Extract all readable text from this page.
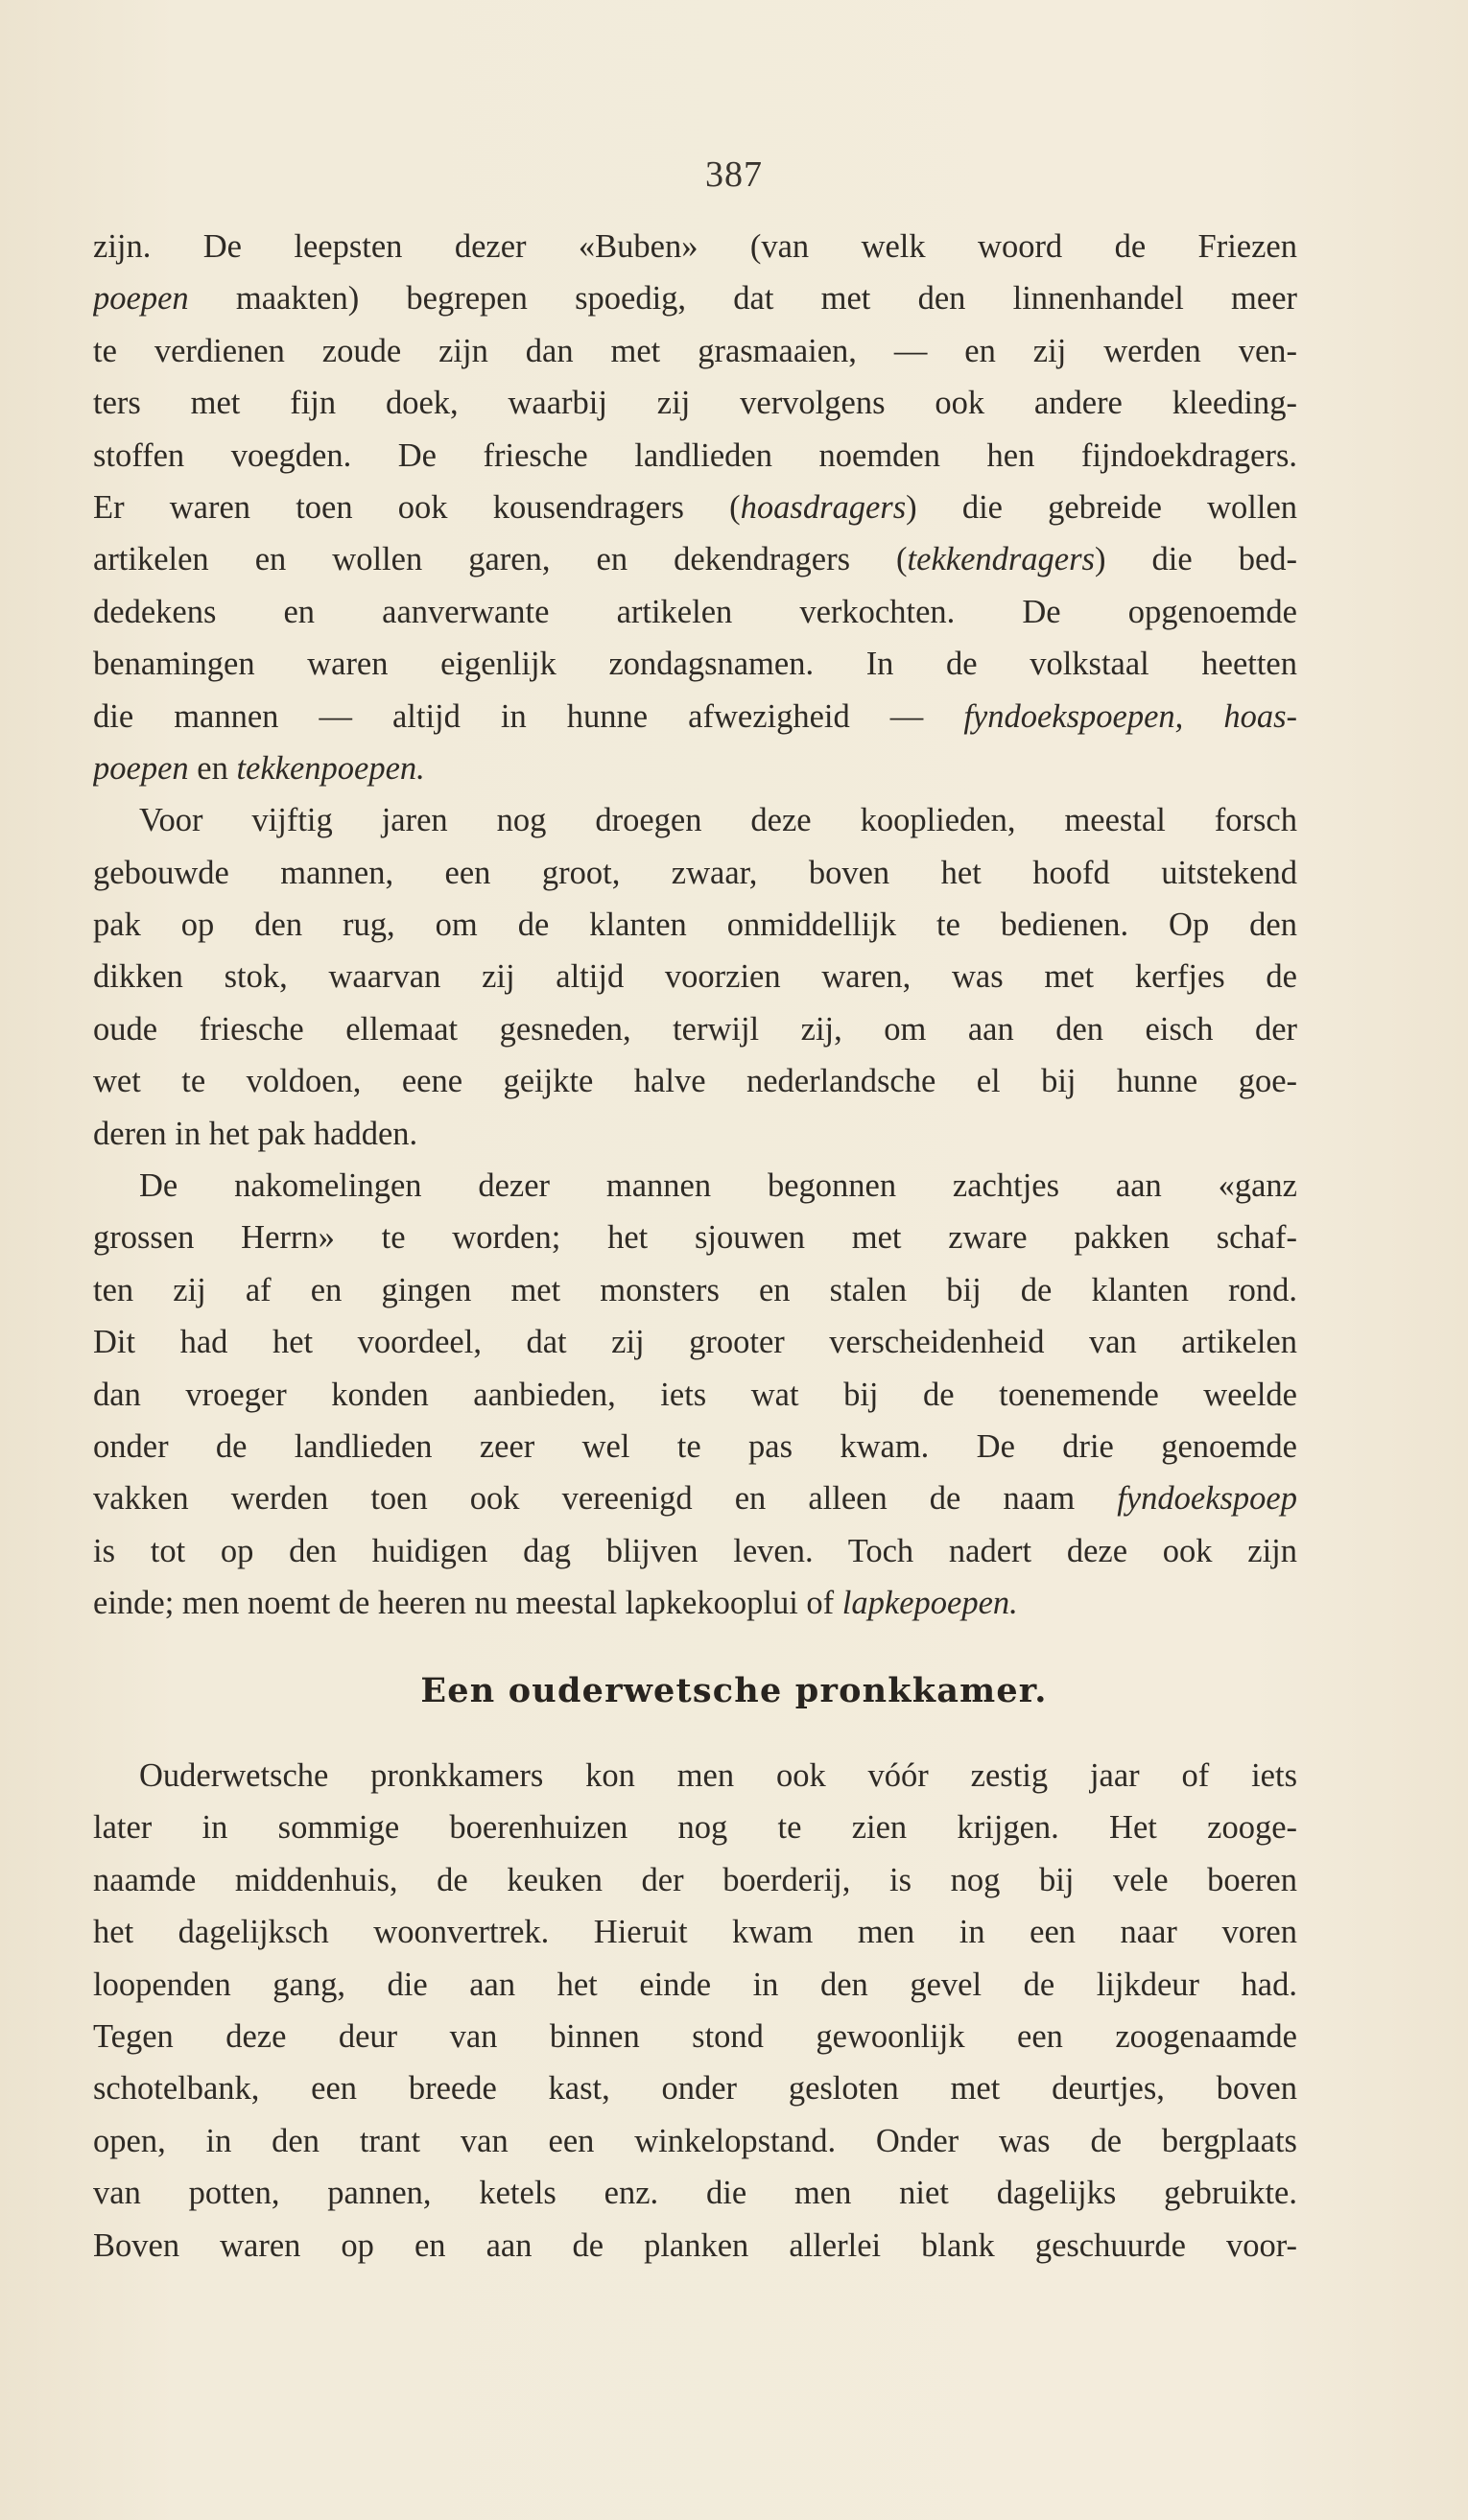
387
zijn. De leepsten dezer «Buben» (van welk woord de Friezen
poepen maakten) begrepen spoedig, dat met den linnenhandel meer
te verdienen zoude zijn dan met grasmaaien, — en zij werden ven-
ters met fijn doek, waarbij zij vervolgens ook andere kleeding-
stoffen voegden. De friesche landlieden noemden hen fijndoekdragers.
Er waren toen ook kousendragers (hoasdragers) die gebreide wollen
artikelen en wollen garen, en dekendragers (tekkendragers) die bed-
dedekens en aanverwante artikelen verkochten. De opgenoemde
benamingen waren eigenlijk zondagsnamen. In de volkstaal heetten
die mannen — altijd in hunne afwezigheid — fyndoekspoepen, hoas-
poepen en tekkenpoepen.
Voor vijftig jaren nog droegen deze kooplieden, meestal forsch
gebouwde mannen, een groot, zwaar, boven het hoofd uitstekend
pak op den rug, om de klanten onmiddellijk te bedienen. Op den
dikken stok, waarvan zij altijd voorzien waren, was met kerfjes de
oude friesche ellemaat gesneden, terwijl zij, om aan den eisch der
wet te voldoen, eene geijkte halve nederlandsche el bij hunne goe-
deren in het pak hadden.
De nakomelingen dezer mannen begonnen zachtjes aan «ganz
grossen Herrn» te worden; het sjouwen met zware pakken schaf-
ten zij af en gingen met monsters en stalen bij de klanten rond.
Dit had het voordeel, dat zij grooter verscheidenheid van artikelen
dan vroeger konden aanbieden, iets wat bij de toenemende weelde
onder de landlieden zeer wel te pas kwam. De drie genoemde
vakken werden toen ook vereenigd en alleen de naam fyndoekspoep
is tot op den huidigen dag blijven leven. Toch nadert deze ook zijn
einde; men noemt de heeren nu meestal lapkekooplui of lapkepoepen.
Een ouderwetsche pronkkamer.
Ouderwetsche pronkkamers kon men ook vóór zestig jaar of iets
later in sommige boerenhuizen nog te zien krijgen. Het zooge-
naamde middenhuis, de keuken der boerderij, is nog bij vele boeren
het dagelijksch woonvertrek. Hieruit kwam men in een naar voren
loopenden gang, die aan het einde in den gevel de lijkdeur had.
Tegen deze deur van binnen stond gewoonlijk een zoogenaamde
schotelbank, een breede kast, onder gesloten met deurtjes, boven
open, in den trant van een winkelopstand. Onder was de bergplaats
van potten, pannen, ketels enz. die men niet dagelijks gebruikte.
Boven waren op en aan de planken allerlei blank geschuurde voor-
